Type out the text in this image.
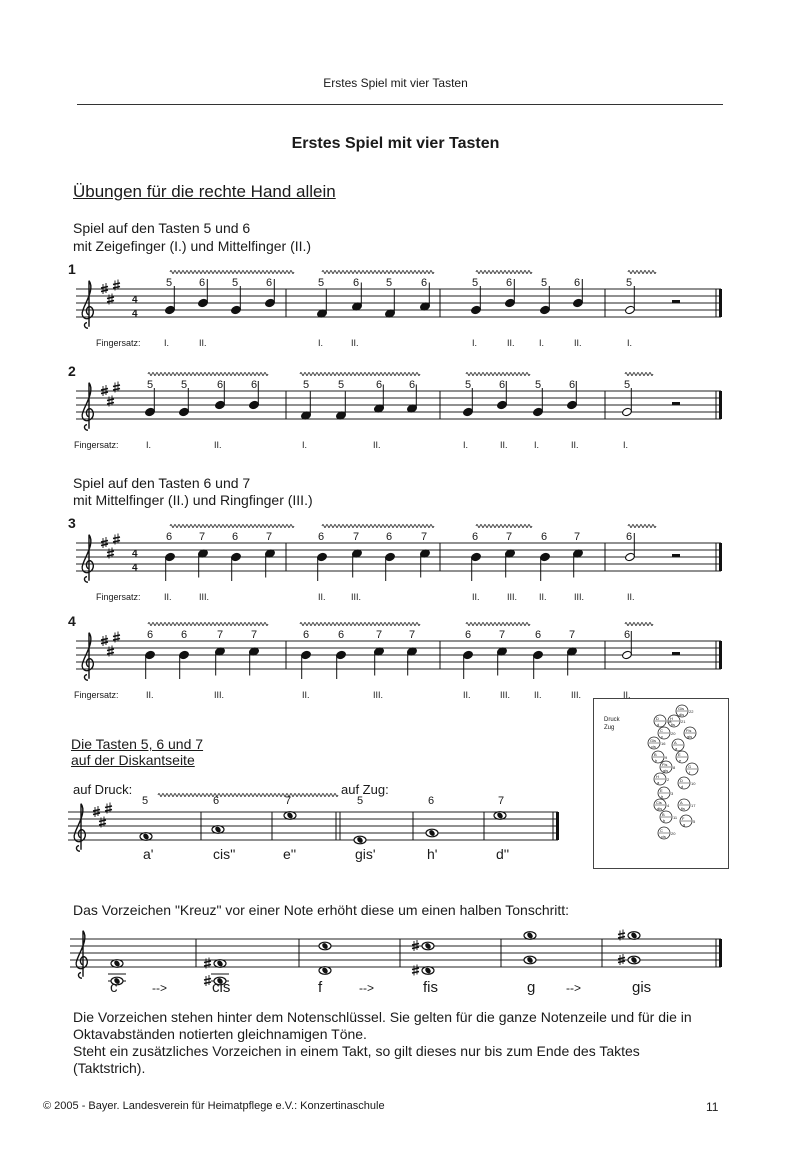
Erstes Spiel mit vier Tasten
Erstes Spiel mit vier Tasten
Übungen für die rechte Hand allein
Spiel auf den Tasten 5 und 6
mit Zeigefinger (I.) und Mittelfinger (II.)
Spiel auf den Tasten 6 und 7
mit Mittelfinger (II.) und Ringfinger (III.)
1
4
4
5 6 5	6	5	6 5	6	5	6	5 6	5
Fingersatz:	I.	II.	I.	II.	I.	II.	I.	II.	I.
2
5	5	6	6	5	5	6 6	5	6	5	6	5
Fingersatz:	I.	II.	I.	II.	I.	II.	I.	II.	I.
3
4
4
6 7 6	7	6	7 6	7	6	7	6 7	6
Fingersatz:	II.	III.	II.	III.	II.	III. II.	III.	II.
4
6	6	7	7	6	6	7 7	6	7	6	7	6
Fingersatz:	II.	III.	II.	III.	II.	III.	II.	III.	II.
Die Tasten 5, 6 und 7
auf der Diskantseite
auf Druck:	auf Zug:
5	6	7	5	6	7
a'	cis''	e''	gis'	h'	d''
Druck
Zug
Gis
dis
22
H
fis
21
D
d
18
Fis
gis
C
c
20
Gis
cis
16 A
a
B
b
9
E
e
Fis
gis
8	G
f
H
a
2	D
d
10
E
h
3
Cis
dis
4
A
fis
17
B
b
11 F
g
5
C
cis
20
Das Vorzeichen "Kreuz" vor einer Note erhöht diese um einen halben Tonschritt:
c	-->	cis	f	-->	fis	g	-->	gis

Die Vorzeichen stehen hinter dem Notenschlüssel. Sie gelten für die ganze Notenzeile und für die in Oktavabständen notierten gleichnamigen Töne.

Steht ein zusätzliches Vorzeichen in einem Takt, so gilt dieses nur bis zum Ende des Taktes (Taktstrich).

© 2005 - Bayer. Landesverein für Heimatpflege e.V.: Konzertinaschule	11
